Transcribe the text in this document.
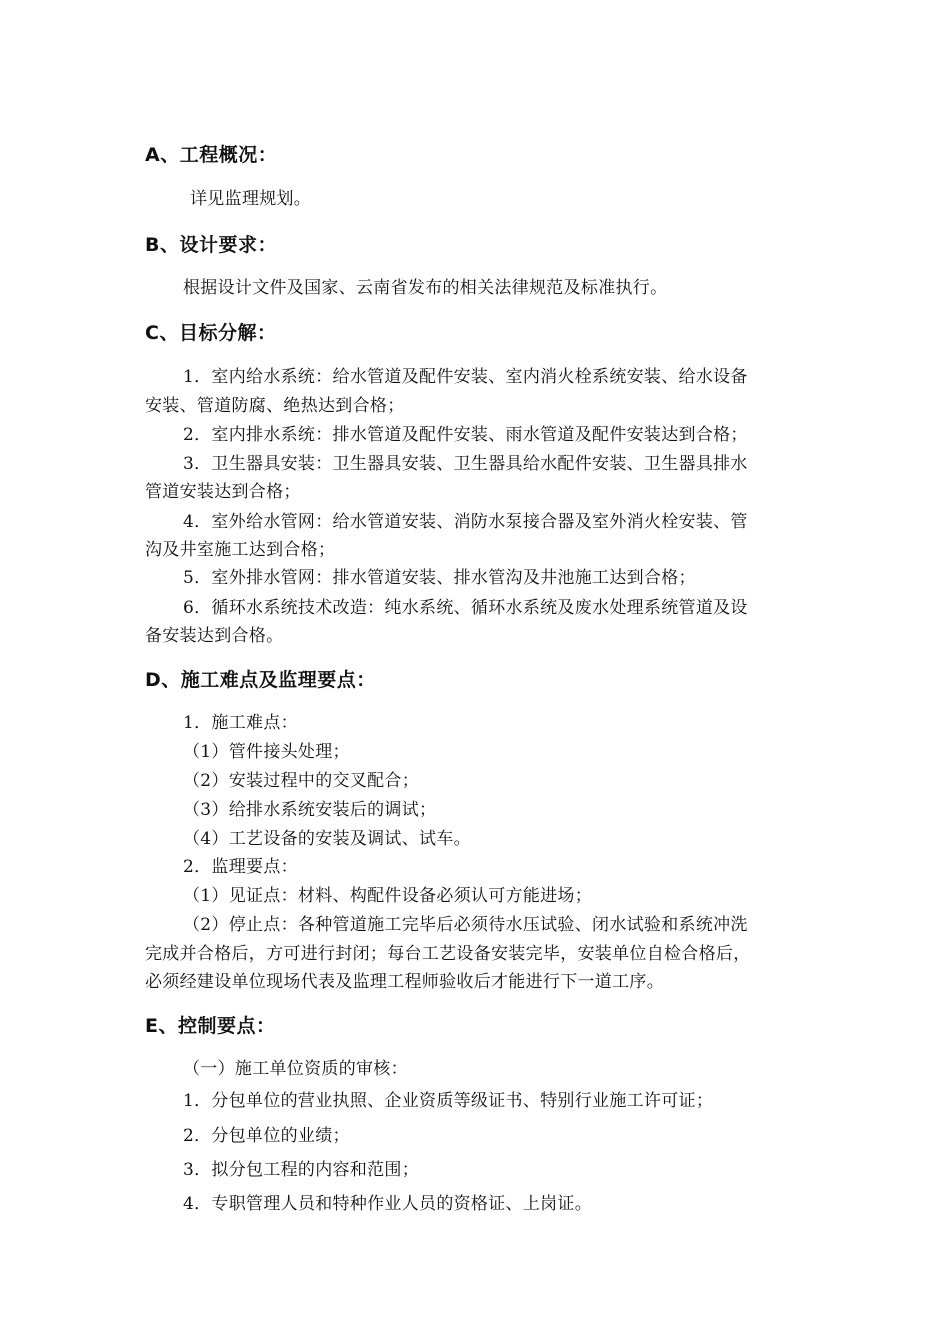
A、工程概况：
详见监理规划。
B、设计要求：
根据设计文件及国家、云南省发布的相关法律规范及标准执行。
C、目标分解：
1．室内给水系统：给水管道及配件安装、室内消火栓系统安装、给水设备
安装、管道防腐、绝热达到合格；
2．室内排水系统：排水管道及配件安装、雨水管道及配件安装达到合格；
3．卫生器具安装：卫生器具安装、卫生器具给水配件安装、卫生器具排水
管道安装达到合格；
4．室外给水管网：给水管道安装、消防水泵接合器及室外消火栓安装、管
沟及井室施工达到合格；
5．室外排水管网：排水管道安装、排水管沟及井池施工达到合格；
6．循环水系统技术改造：纯水系统、循环水系统及废水处理系统管道及设
备安装达到合格。
D、施工难点及监理要点：
1．施工难点：
（1）管件接头处理；
（2）安装过程中的交叉配合；
（3）给排水系统安装后的调试；
（4）工艺设备的安装及调试、试车。
2．监理要点：
（1）见证点：材料、构配件设备必须认可方能进场；
（2）停止点：各种管道施工完毕后必须待水压试验、闭水试验和系统冲洗
完成并合格后，方可进行封闭；每台工艺设备安装完毕，安装单位自检合格后，
必须经建设单位现场代表及监理工程师验收后才能进行下一道工序。
E、控制要点：
（一）施工单位资质的审核：
1．分包单位的营业执照、企业资质等级证书、特别行业施工许可证；
2．分包单位的业绩；
3．拟分包工程的内容和范围；
4．专职管理人员和特种作业人员的资格证、上岗证。
